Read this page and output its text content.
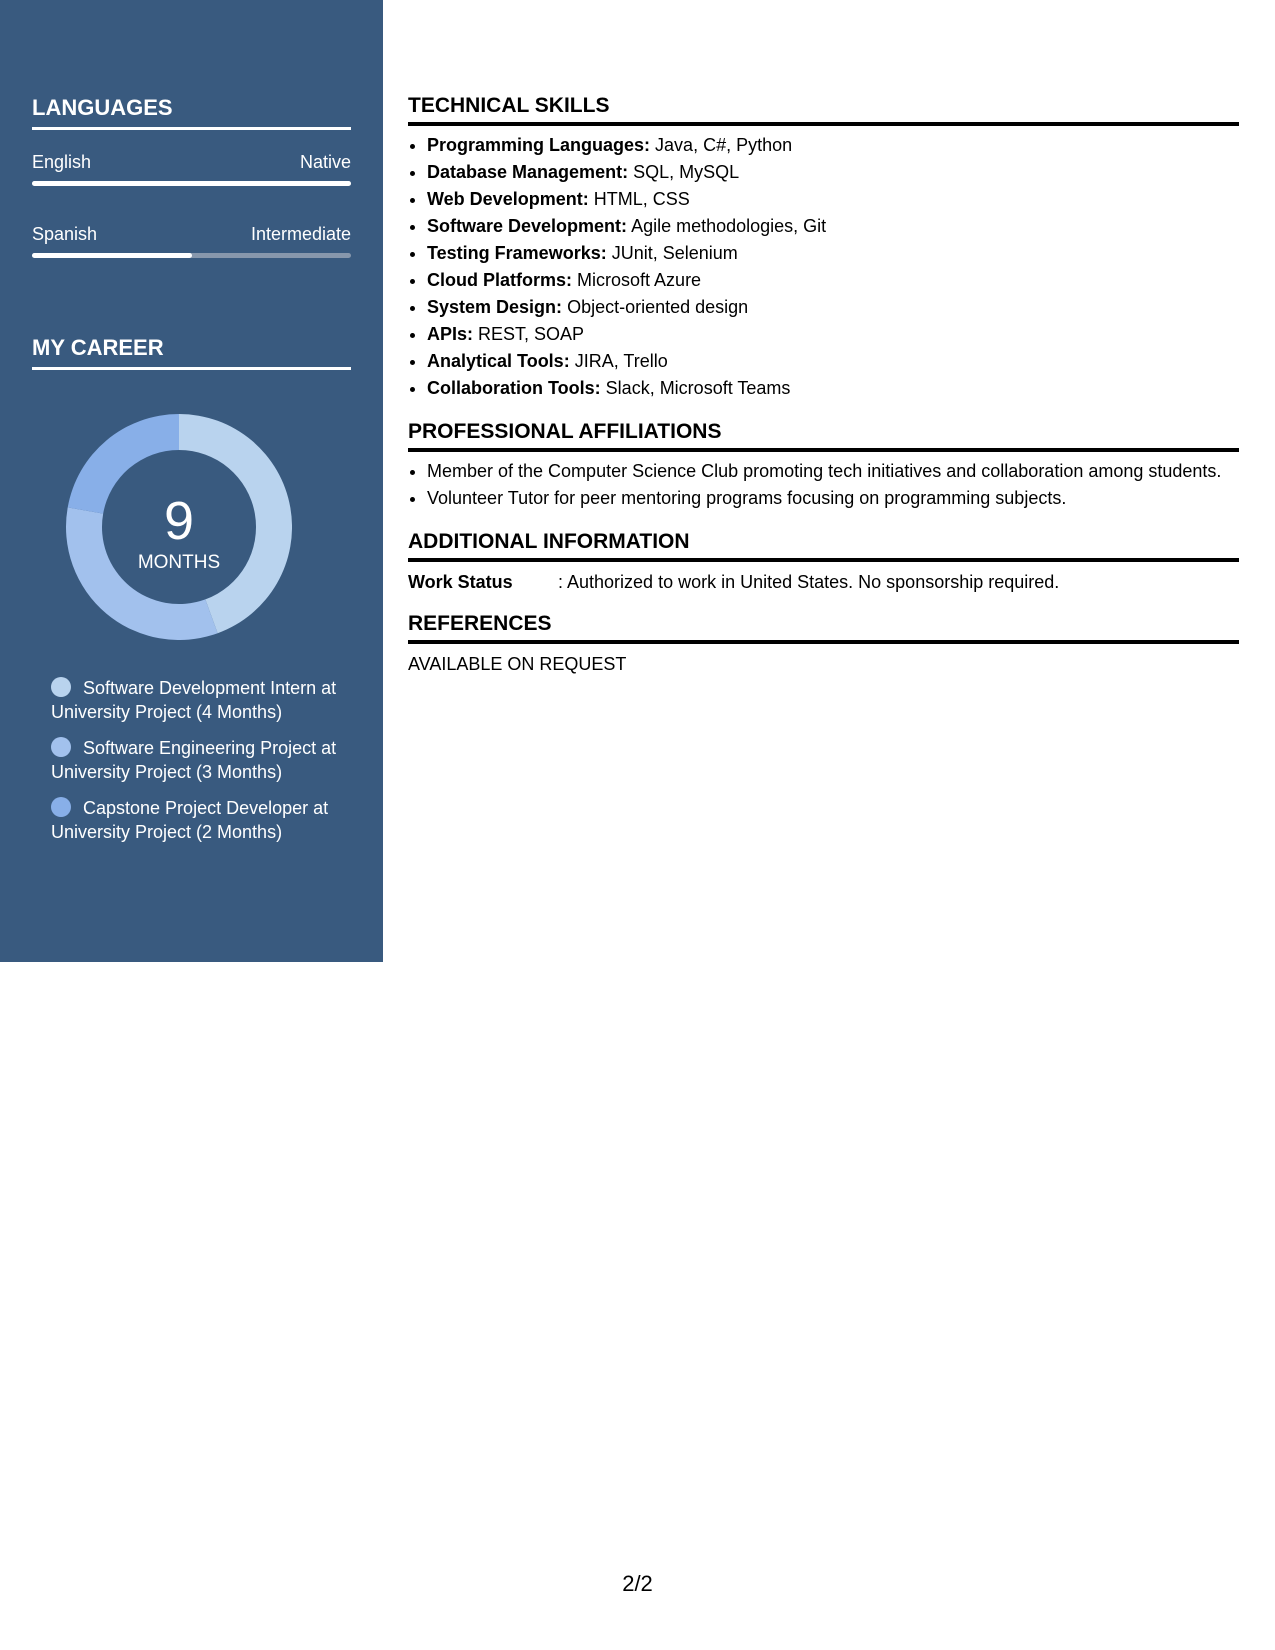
LANGUAGES
English	Native
Spanish	Intermediate
MY CAREER
9
MONTHS
Software Development Intern at University Project (4 Months)
Software Engineering Project at University Project (3 Months)
Capstone Project Developer at University Project (2 Months)
TECHNICAL SKILLS
• Programming Languages: Java, C#, Python
• Database Management: SQL, MySQL
• Web Development: HTML, CSS
• Software Development: Agile methodologies, Git
• Testing Frameworks: JUnit, Selenium
• Cloud Platforms: Microsoft Azure
• System Design: Object-oriented design
• APIs: REST, SOAP
• Analytical Tools: JIRA, Trello
• Collaboration Tools: Slack, Microsoft Teams
PROFESSIONAL AFFILIATIONS
• Member of the Computer Science Club promoting tech initiatives and collaboration among students.
• Volunteer Tutor for peer mentoring programs focusing on programming subjects.
ADDITIONAL INFORMATION
Work Status	: Authorized to work in United States. No sponsorship required.
REFERENCES

AVAILABLE ON REQUEST

2/2
